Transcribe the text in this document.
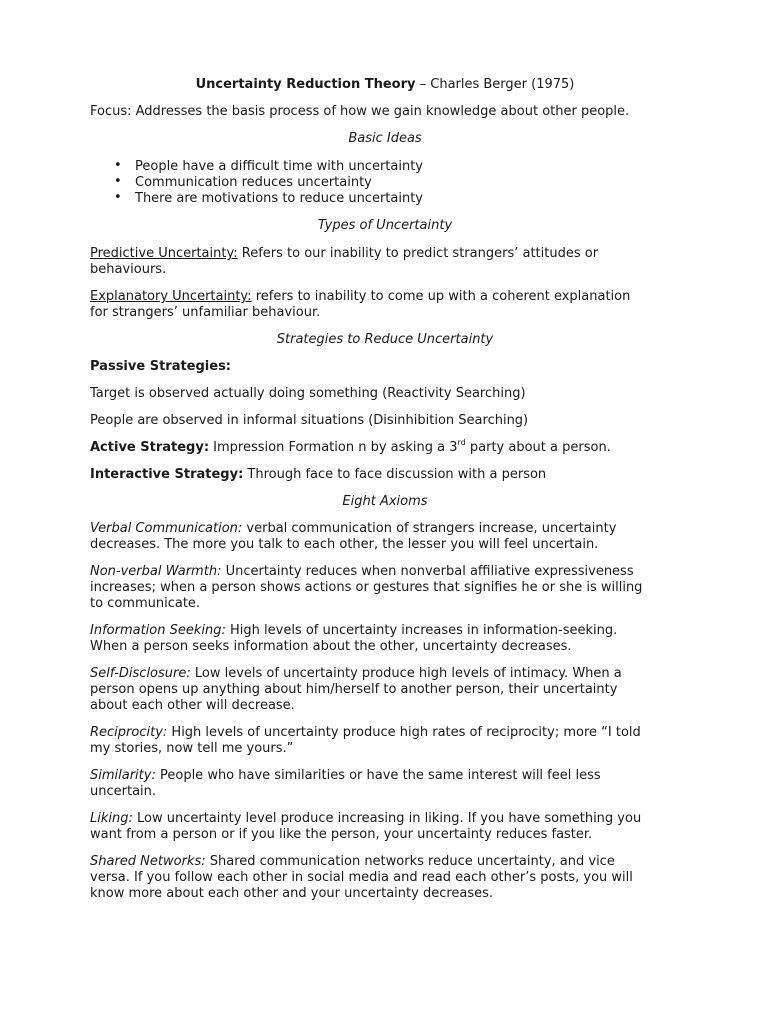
Uncertainty Reduction Theory – Charles Berger (1975)
Focus: Addresses the basis process of how we gain knowledge about other people.
Basic Ideas
• People have a difficult time with uncertainty
• Communication reduces uncertainty
• There are motivations to reduce uncertainty
Types of Uncertainty
Predictive Uncertainty: Refers to our inability to predict strangers’ attitudes or
behaviours.
Explanatory Uncertainty: refers to inability to come up with a coherent explanation
for strangers’ unfamiliar behaviour.
Strategies to Reduce Uncertainty
Passive Strategies:
Target is observed actually doing something (Reactivity Searching)
People are observed in informal situations (Disinhibition Searching)
Active Strategy: Impression Formation n by asking a 3rd party about a person.
Interactive Strategy: Through face to face discussion with a person
Eight Axioms
Verbal Communication: verbal communication of strangers increase, uncertainty
decreases. The more you talk to each other, the lesser you will feel uncertain.
Non-verbal Warmth: Uncertainty reduces when nonverbal affiliative expressiveness
increases; when a person shows actions or gestures that signifies he or she is willing
to communicate.
Information Seeking: High levels of uncertainty increases in information-seeking.
When a person seeks information about the other, uncertainty decreases.
Self-Disclosure: Low levels of uncertainty produce high levels of intimacy. When a
person opens up anything about him/herself to another person, their uncertainty
about each other will decrease.
Reciprocity: High levels of uncertainty produce high rates of reciprocity; more “I told
my stories, now tell me yours.”
Similarity: People who have similarities or have the same interest will feel less
uncertain.
Liking: Low uncertainty level produce increasing in liking. If you have something you
want from a person or if you like the person, your uncertainty reduces faster.
Shared Networks: Shared communication networks reduce uncertainty, and vice
versa. If you follow each other in social media and read each other’s posts, you will
know more about each other and your uncertainty decreases.
